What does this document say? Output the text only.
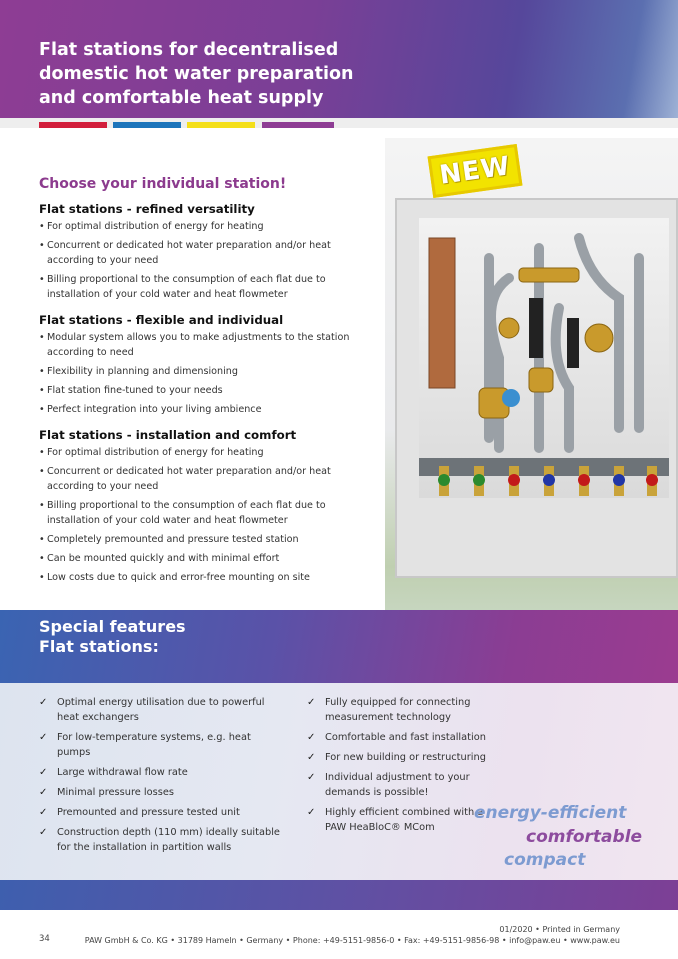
Flat stations for decentralised
domestic hot water preparation
and comfortable heat supply
NEW
Choose your individual station!
Flat stations - refined versatility
• For optimal distribution of energy for heating
• Concurrent or dedicated hot water preparation and/or heat according to your need
• Billing proportional to the consumption of each flat due to installation of your cold water and heat flowmeter
Flat stations - flexible and individual
• Modular system allows you to make adjustments to the station according to need
• Flexibility in planning and dimensioning
• Flat station fine-tuned to your needs
• Perfect integration into your living ambience
Flat stations - installation and comfort
• For optimal distribution of energy for heating
• Concurrent or dedicated hot water preparation and/or heat according to your need
• Billing proportional to the consumption of each flat due to installation of your cold water and heat flowmeter
• Completely premounted and pressure tested station
• Can be mounted quickly and with minimal effort
• Low costs due to quick and error-free mounting on site
Special features
Flat stations:
✓ Optimal energy utilisation due to powerful heat exchangers
✓ For low-temperature systems, e.g. heat pumps
✓ Large withdrawal flow rate
✓ Minimal pressure losses
✓ Premounted and pressure tested unit
✓ Construction depth (110 mm) ideally suitable for the installation in partition walls
✓ Fully equipped for connecting measurement technology
✓ Comfortable and fast installation
✓ For new building or restructuring
✓ Individual adjustment to your demands is possible!
✓ Highly efficient combined with a PAW HeaBloC® MCom
energy-efficient
comfortable
compact
34
01/2020 • Printed in Germany
PAW GmbH & Co. KG • 31789 Hameln • Germany • Phone: +49-5151-9856-0 • Fax: +49-5151-9856-98 • info@paw.eu • www.paw.eu
